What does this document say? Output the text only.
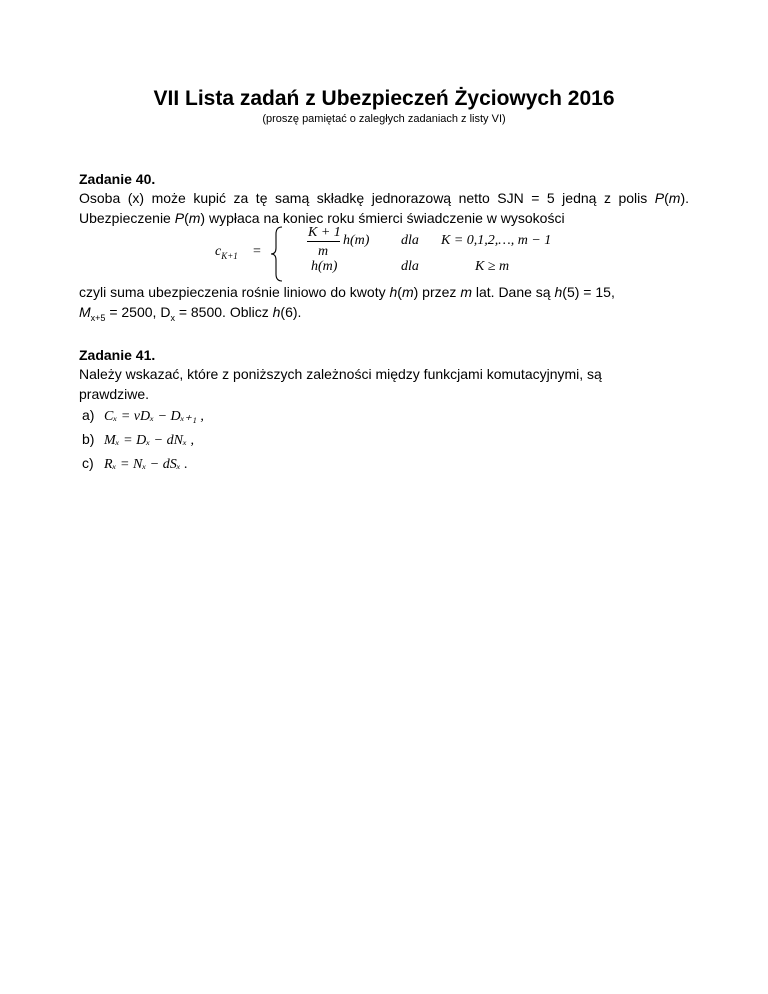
VII Lista zadań z Ubezpieczeń Życiowych 2016
(proszę pamiętać o zaległych zadaniach z listy VI)
Zadanie 40.
Osoba (x) może kupić za tę samą składkę jednorazową netto SJN = 5 jedną z polis P(m).
Ubezpieczenie P(m) wypłaca na koniec roku śmierci świadczenie w wysokości
$c_{K+1}$ =
K + 1
m
h(m) dla K = 0,1,2,…, m − 1
h(m)	dla	K ≥ m
czyli suma ubezpieczenia rośnie liniowo do kwoty h(m) przez m lat. Dane są h(5) = 15,
$M_{x+5} = 2500$, $D_x = 8500$. Oblicz h(6).
Zadanie 41.
Należy wskazać, które z poniższych zależności między funkcjami komutacyjnymi, są
prawdziwe.
a) Cₓ = vDₓ − Dₓ₊₁ ,
b) Mₓ = Dₓ − dNₓ ,
c) Rₓ = Nₓ − dSₓ .
